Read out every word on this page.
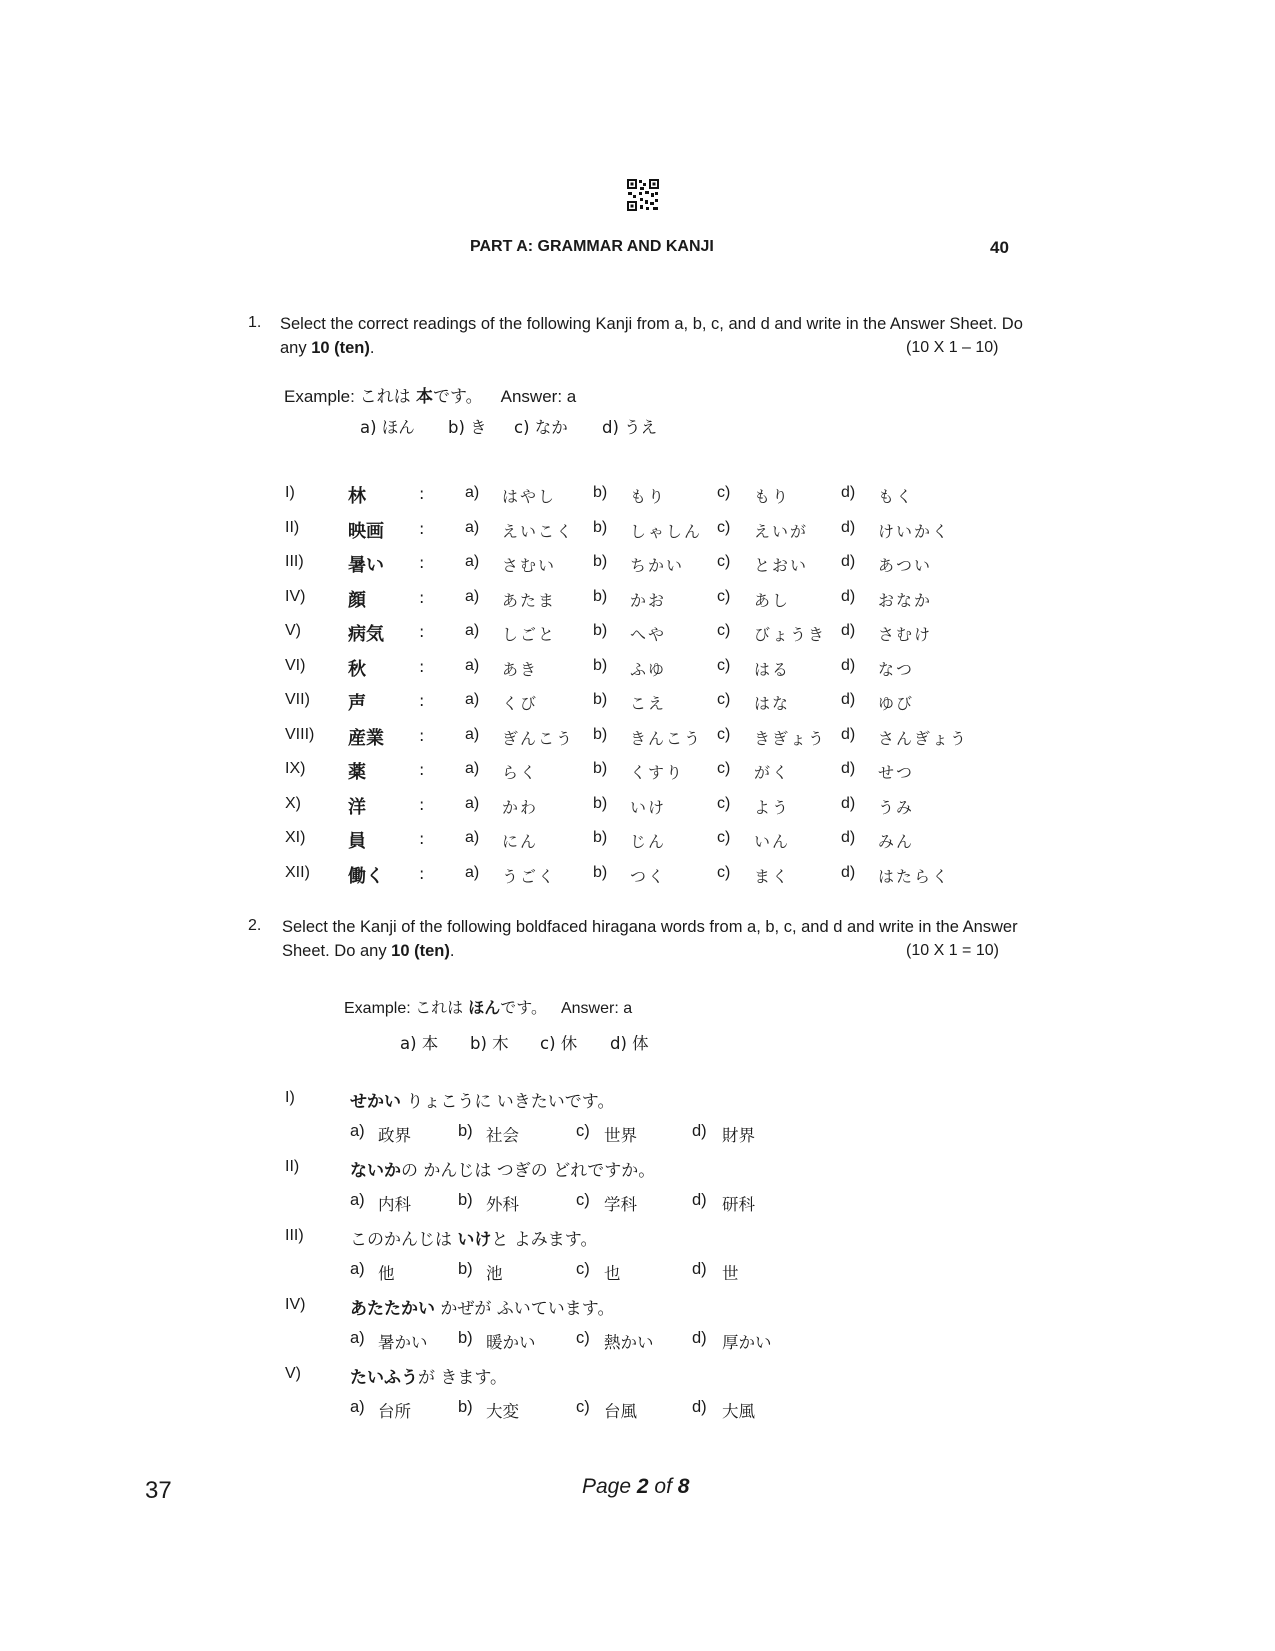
PART A: GRAMMAR AND KANJI	40
1. Select the correct readings of the following Kanji from a, b, c, and d and write in the Answer Sheet. Do any 10 (ten).	(10 X 1 – 10)
Example: これは 本です。 Answer: a
a) ほん b) き c) なか d) うえ
I)	林	:	a) はやし b) もり	c) もり	d) もく
II)	映画 :	a) えいこく b) しゃしん c) えいが d) けいかく
III) 暑い :	a) さむい b) ちかい c) とおい d) あつい
IV) 顔	:	a) あたま b) かお	c) あし	d) おなか
V)	病気 :	a) しごと b) へや	c) びょうき d) さむけ
VI) 秋	:	a) あき	b) ふゆ	c) はる	d) なつ
VII) 声	:	a) くび	b) こえ	c) はな	d) ゆび
VIII) 産業 :	a) ぎんこう b) きんこう c) きぎょう d) さんぎょう
IX) 薬	:	a) らく	b) くすり c) がく	d) せつ
X)	洋	:	a) かわ	b) いけ	c) よう	d) うみ
XI) 員	:	a) にん	b) じん	c) いん	d) みん
XII) 働く :	a) うごく b) つく	c) まく	d) はたらく
2. Select the Kanji of the following boldfaced hiragana words from a, b, c, and d and write in the Answer Sheet. Do any 10 (ten).	(10 X 1 = 10)
Example: これは ほんです。 Answer: a
a) 本 b) 木 c) 休 d) 体
I)	せかい りょこうに いきたいです。
a) 政界	b) 社会	c) 世界	d) 財界
II)	ないかの かんじは つぎの どれですか。
a) 内科	b) 外科	c) 学科	d) 研科
III)	このかんじは いけと よみます。
a) 他	b) 池	c) 也	d) 世
IV)	あたたかい かぜが ふいています。
a) 暑かい b) 暖かい c) 熱かい d) 厚かい
V)	たいふうが きます。
a) 台所	b) 大変	c) 台風	d) 大風
37	Page 2 of 8
